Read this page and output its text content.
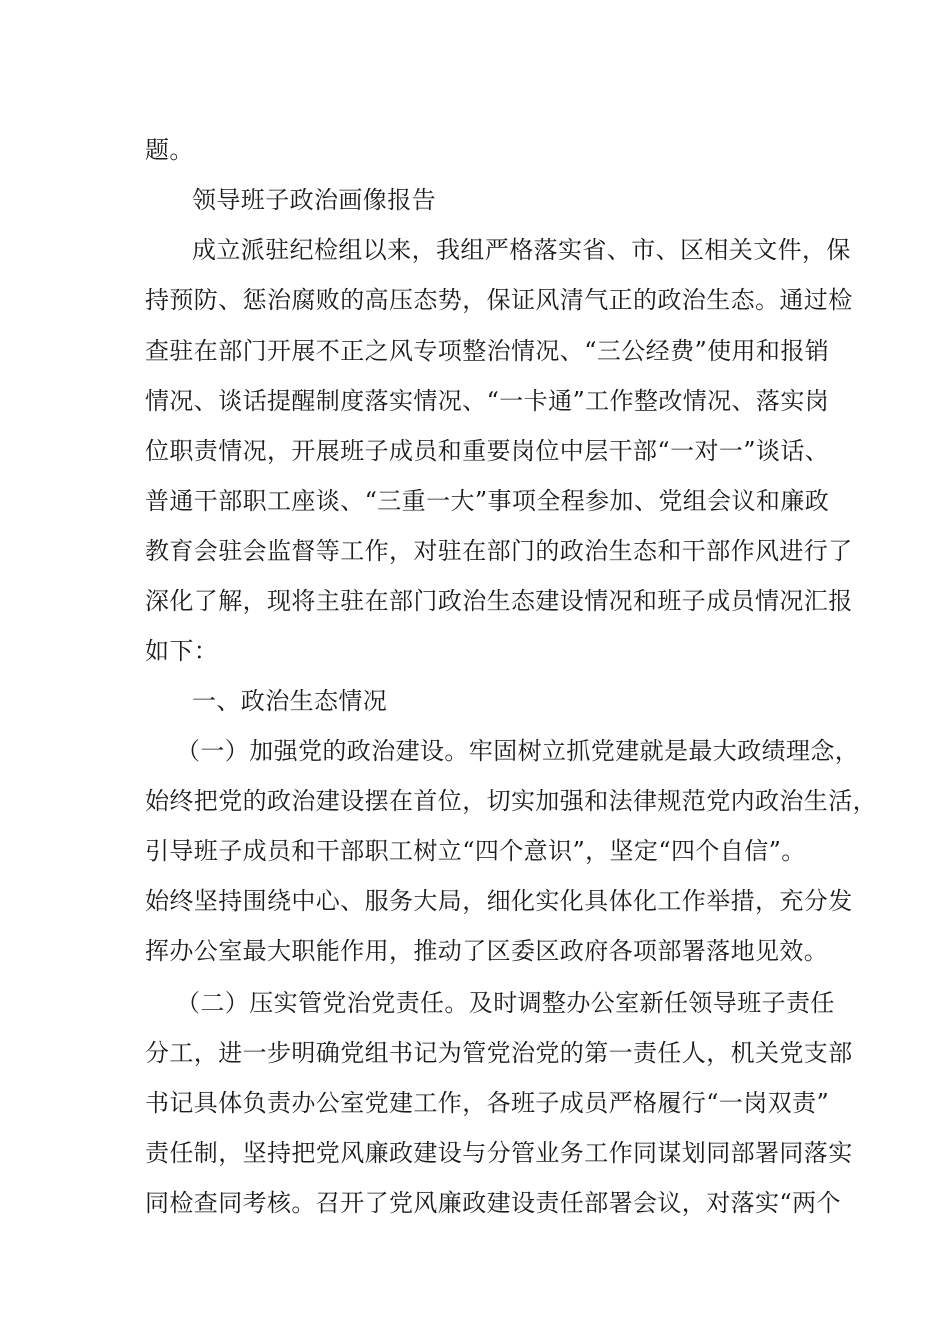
题。
领导班子政治画像报告
成立派驻纪检组以来，我组严格落实省、市、区相关文件，保
持预防、惩治腐败的高压态势，保证风清气正的政治生态。通过检
查驻在部门开展不正之风专项整治情况、“三公经费”使用和报销
情况、谈话提醒制度落实情况、“一卡通”工作整改情况、落实岗
位职责情况，开展班子成员和重要岗位中层干部“一对一”谈话、
普通干部职工座谈、“三重一大”事项全程参加、党组会议和廉政
教育会驻会监督等工作，对驻在部门的政治生态和干部作风进行了
深化了解，现将主驻在部门政治生态建设情况和班子成员情况汇报
如下：
一、政治生态情况
（一）加强党的政治建设。牢固树立抓党建就是最大政绩理念，
始终把党的政治建设摆在首位，切实加强和法律规范党内政治生活，
引导班子成员和干部职工树立“四个意识”，坚定“四个自信”。
始终坚持围绕中心、服务大局，细化实化具体化工作举措，充分发
挥办公室最大职能作用，推动了区委区政府各项部署落地见效。
（二）压实管党治党责任。及时调整办公室新任领导班子责任
分工，进一步明确党组书记为管党治党的第一责任人，机关党支部
书记具体负责办公室党建工作，各班子成员严格履行“一岗双责”
责任制，坚持把党风廉政建设与分管业务工作同谋划同部署同落实
同检查同考核。召开了党风廉政建设责任部署会议，对落实“两个
